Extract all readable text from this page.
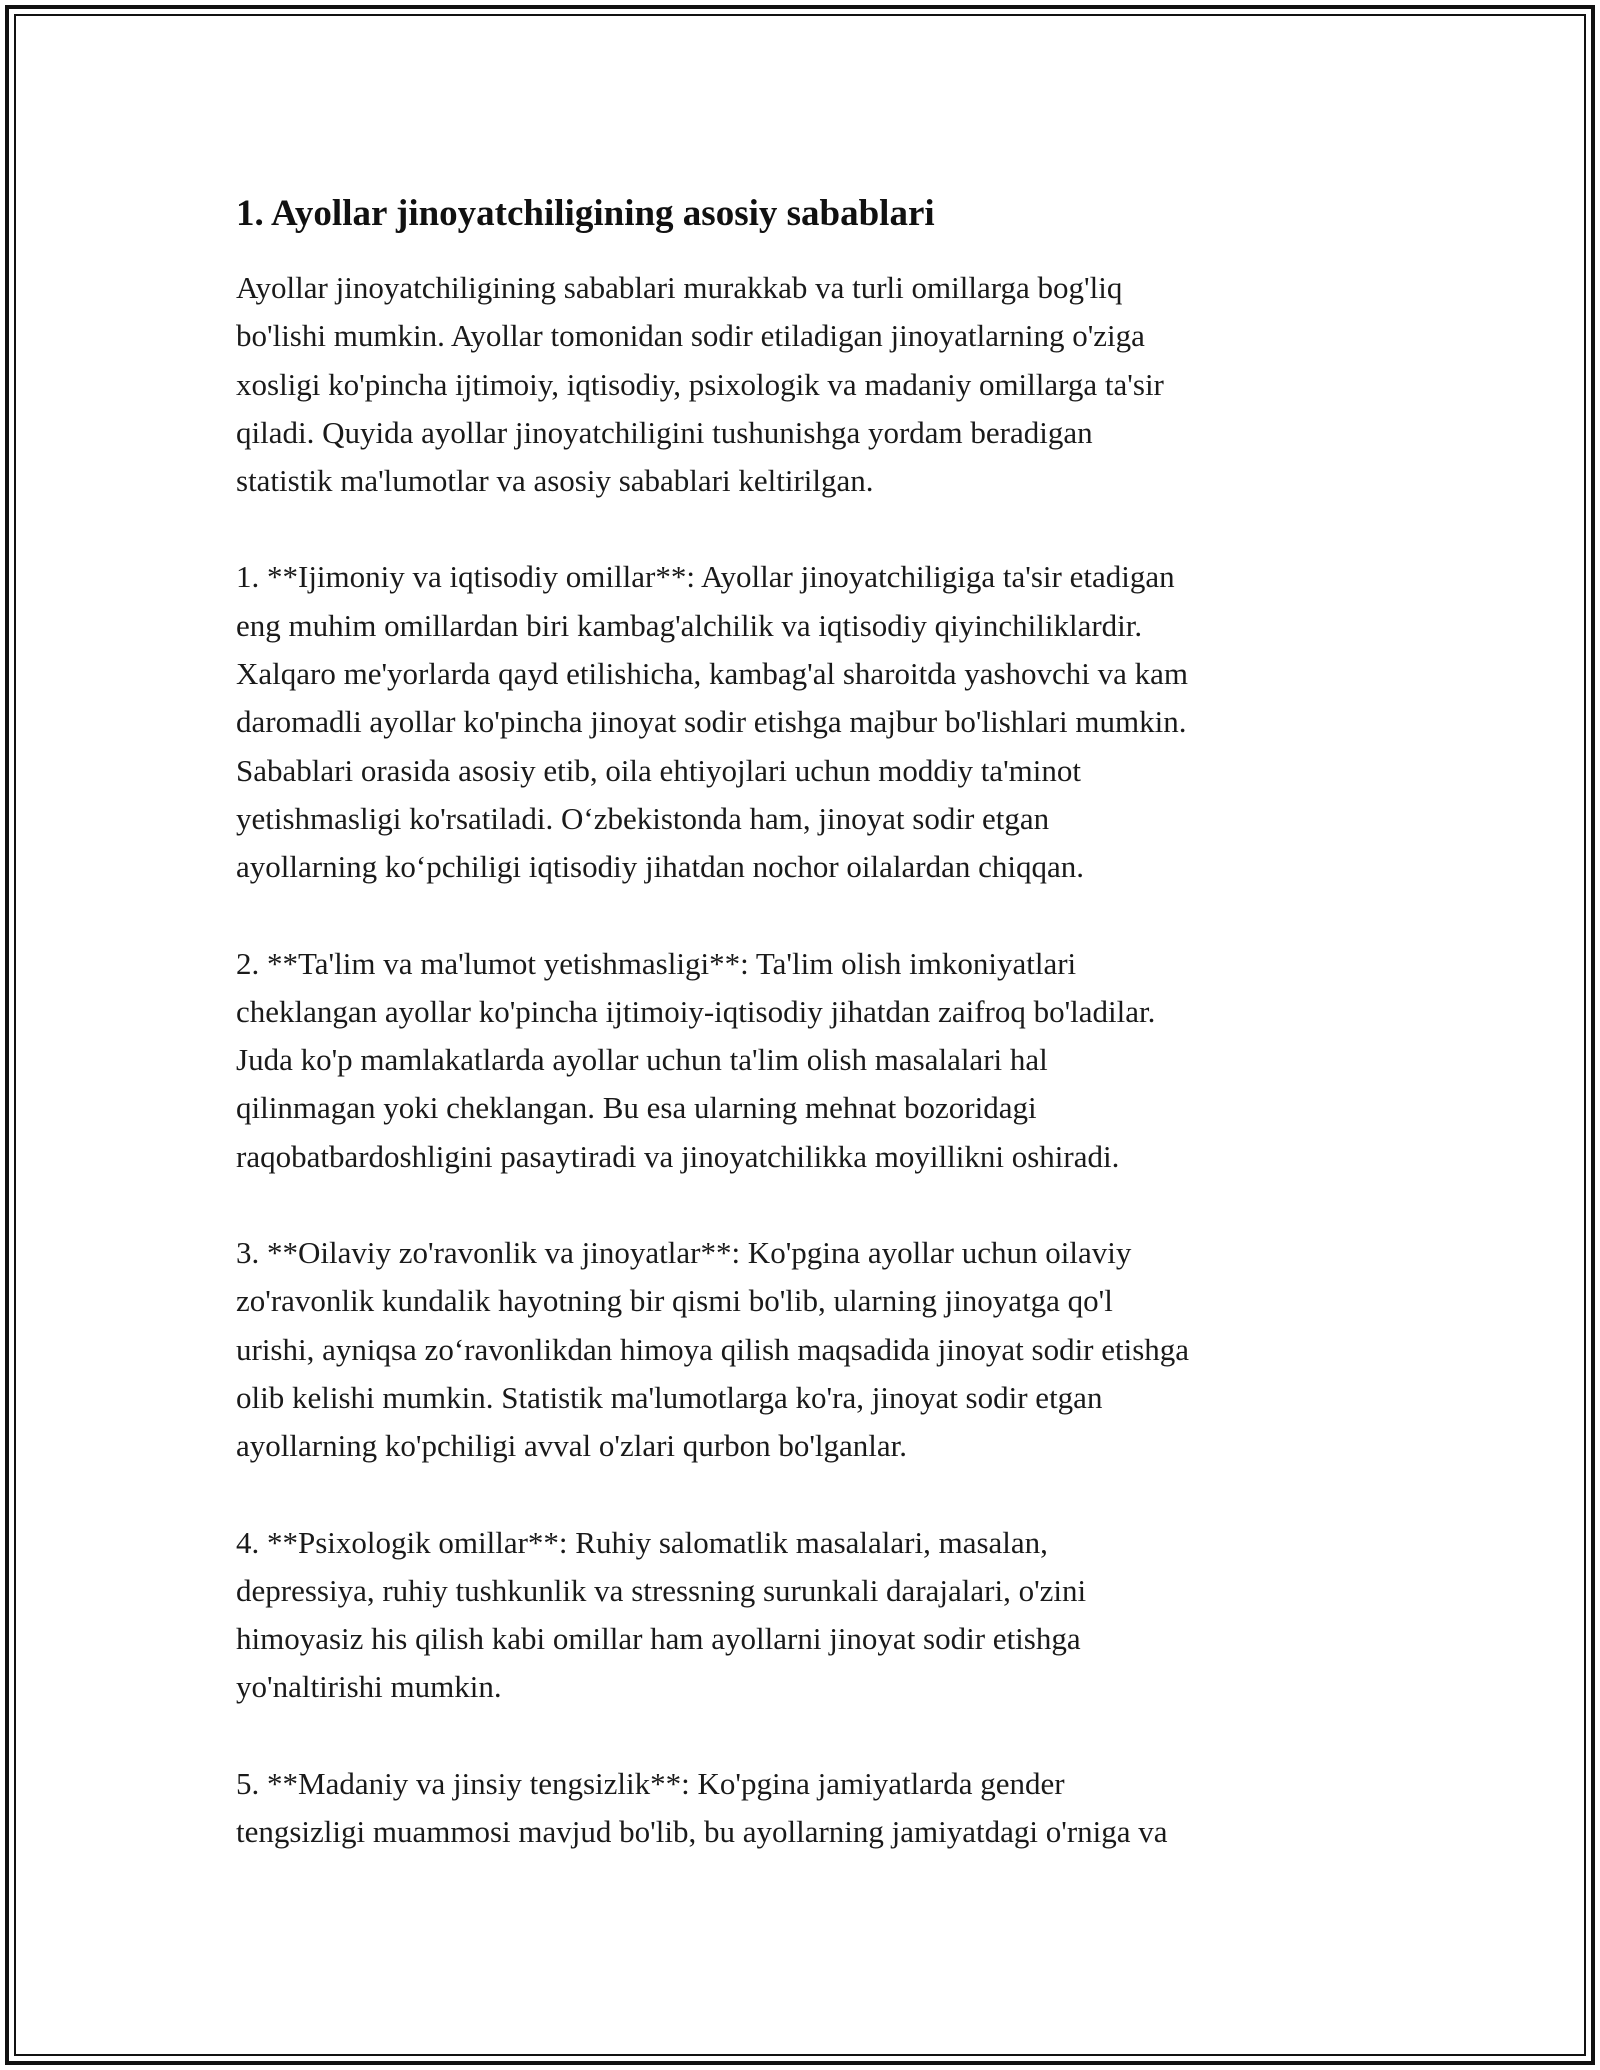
1. Ayollar jinoyatchiligining asosiy sabablari

Ayollar jinoyatchiligining sabablari murakkab va turli omillarga bog'liq
bo'lishi mumkin. Ayollar tomonidan sodir etiladigan jinoyatlarning o'ziga
xosligi ko'pincha ijtimoiy, iqtisodiy, psixologik va madaniy omillarga ta'sir
qiladi. Quyida ayollar jinoyatchiligini tushunishga yordam beradigan
statistik ma'lumotlar va asosiy sabablari keltirilgan.

1. **Ijimoniy va iqtisodiy omillar**: Ayollar jinoyatchiligiga ta'sir etadigan
eng muhim omillardan biri kambag'alchilik va iqtisodiy qiyinchiliklardir.
Xalqaro me'yorlarda qayd etilishicha, kambag'al sharoitda yashovchi va kam
daromadli ayollar ko'pincha jinoyat sodir etishga majbur bo'lishlari mumkin.
Sabablari orasida asosiy etib, oila ehtiyojlari uchun moddiy ta'minot
yetishmasligi ko'rsatiladi. O‘zbekistonda ham, jinoyat sodir etgan
ayollarning ko‘pchiligi iqtisodiy jihatdan nochor oilalardan chiqqan.

2. **Ta'lim va ma'lumot yetishmasligi**: Ta'lim olish imkoniyatlari
cheklangan ayollar ko'pincha ijtimoiy-iqtisodiy jihatdan zaifroq bo'ladilar.
Juda ko'p mamlakatlarda ayollar uchun ta'lim olish masalalari hal
qilinmagan yoki cheklangan. Bu esa ularning mehnat bozoridagi
raqobatbardoshligini pasaytiradi va jinoyatchilikka moyillikni oshiradi.

3. **Oilaviy zo'ravonlik va jinoyatlar**: Ko'pgina ayollar uchun oilaviy
zo'ravonlik kundalik hayotning bir qismi bo'lib, ularning jinoyatga qo'l
urishi, ayniqsa zo‘ravonlikdan himoya qilish maqsadida jinoyat sodir etishga
olib kelishi mumkin. Statistik ma'lumotlarga ko'ra, jinoyat sodir etgan
ayollarning ko'pchiligi avval o'zlari qurbon bo'lganlar.

4. **Psixologik omillar**: Ruhiy salomatlik masalalari, masalan,
depressiya, ruhiy tushkunlik va stressning surunkali darajalari, o'zini
himoyasiz his qilish kabi omillar ham ayollarni jinoyat sodir etishga
yo'naltirishi mumkin.

5. **Madaniy va jinsiy tengsizlik**: Ko'pgina jamiyatlarda gender
tengsizligi muammosi mavjud bo'lib, bu ayollarning jamiyatdagi o'rniga va
